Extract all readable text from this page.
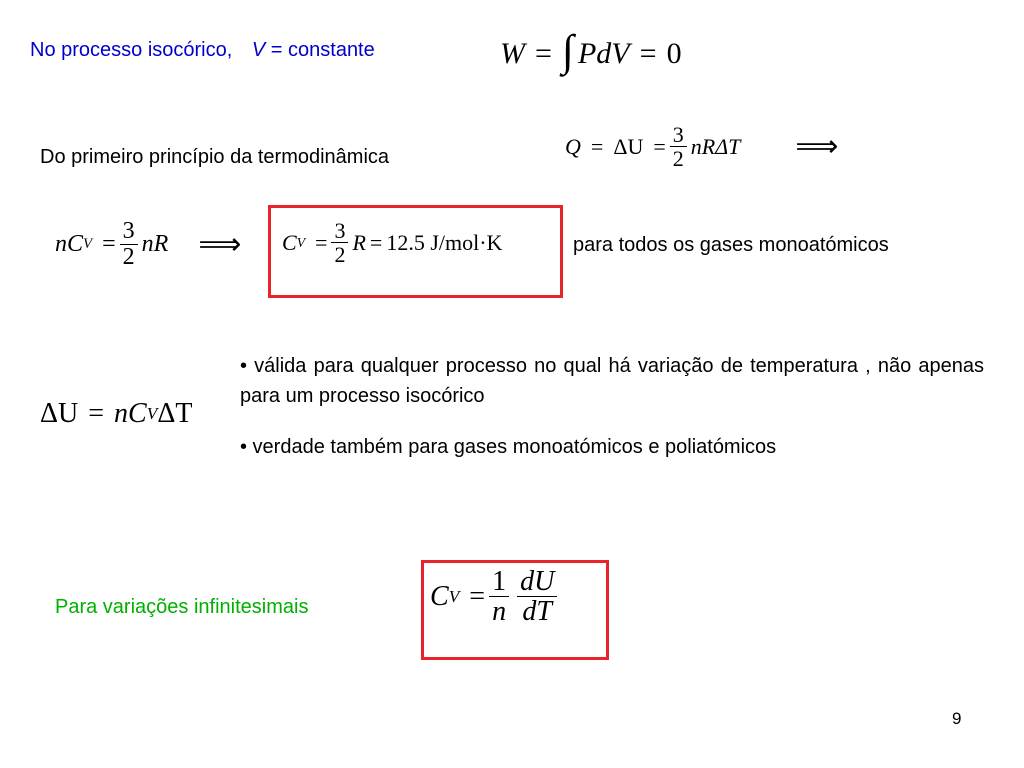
No processo isocórico, V = constante	W = ∫ PdV = 0
Do primeiro princípio da termodinâmica	$Q = \Delta U = \frac{3}{2}$ nRΔT ⟹
n C $V = \frac{3}{2}$ nR ⟹ C $V = \frac{3}{2}$ R = 12.5 J/mol·K	para todos os gases monoatómicos
ΔU = n C V ΔT
• válida para qualquer processo no qual há variação de temperatura , não apenas para um processo isocórico
• verdade também para gases monoatómicos e poliatómicos
Para variações infinitesimais	C $V = \frac{1}{n} \frac{dU}{dT}$
9
